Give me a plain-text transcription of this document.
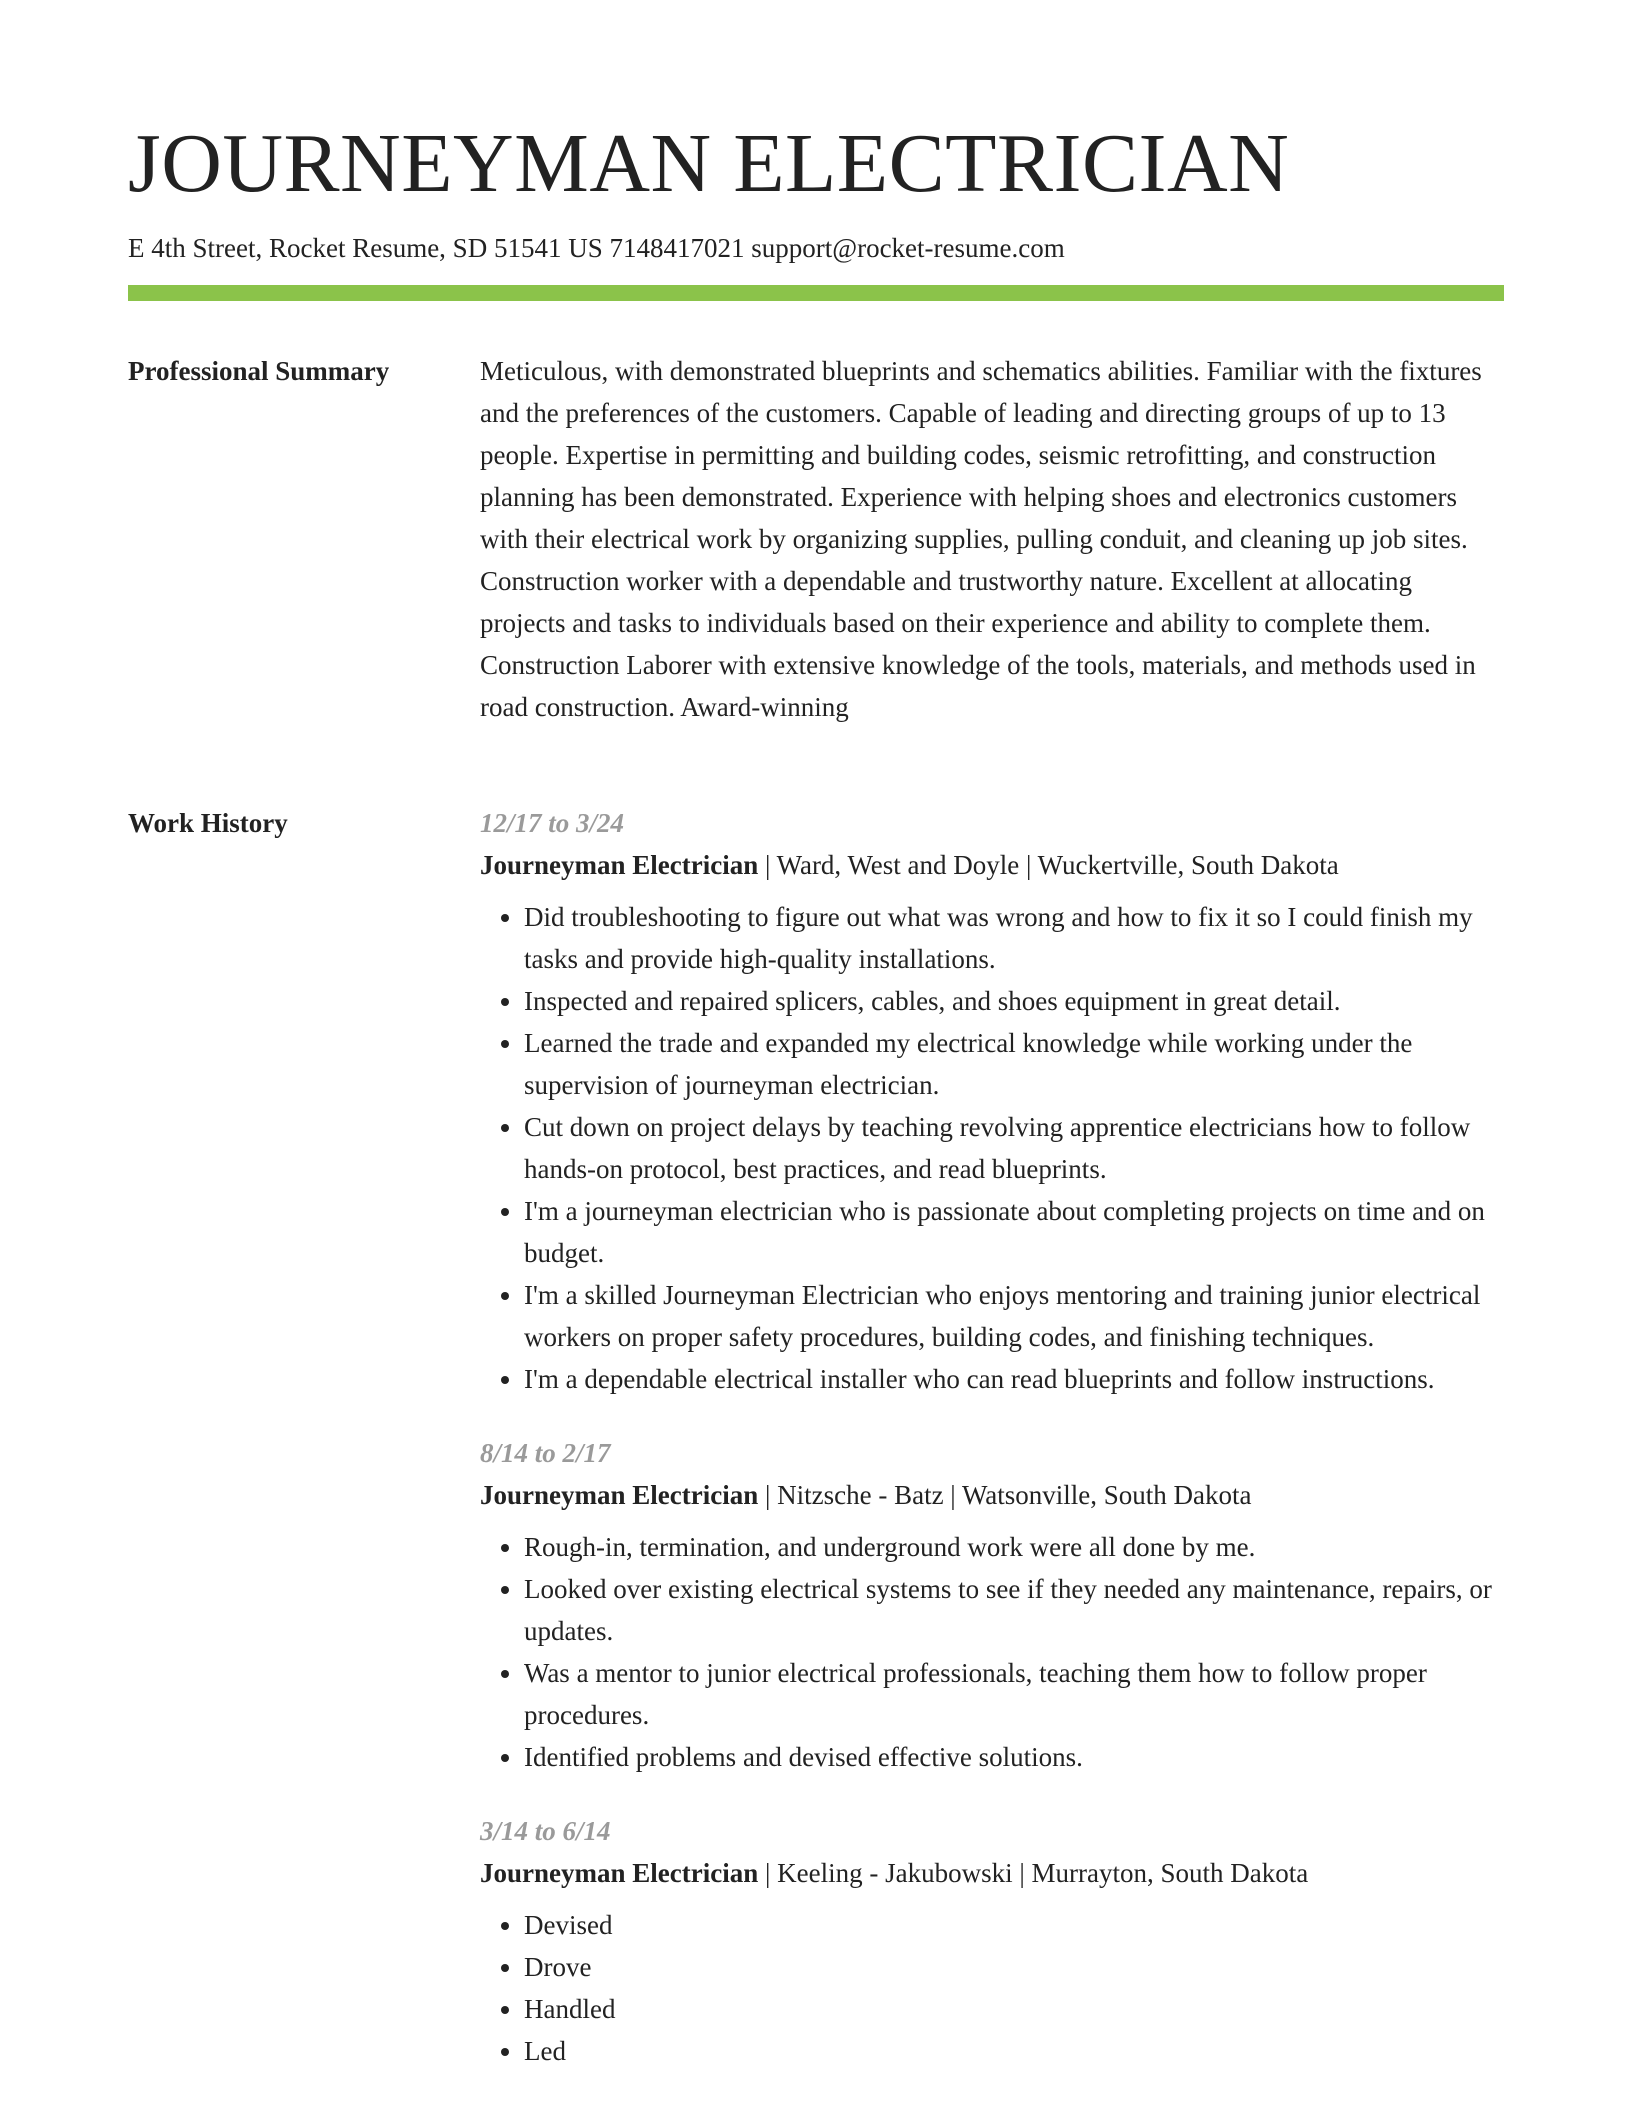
JOURNEYMAN ELECTRICIAN

E 4th Street, Rocket Resume, SD 51541 US 7148417021 support@rocket-resume.com

Professional Summary	Meticulous, with demonstrated blueprints and schematics abilities. Familiar with the fixtures and the preferences of the customers. Capable of leading and directing groups of up to 13 people. Expertise in permitting and building codes, seismic retrofitting, and construction planning has been demonstrated. Experience with helping shoes and electronics customers with their electrical work by organizing supplies, pulling conduit, and cleaning up job sites. Construction worker with a dependable and trustworthy nature. Excellent at allocating projects and tasks to individuals based on their experience and ability to complete them. Construction Laborer with extensive knowledge of the tools, materials, and methods used in road construction. Award-winning

Work History	12/17 to 3/24
Journeyman Electrician | Ward, West and Doyle | Wuckertville, South Dakota
• Did troubleshooting to figure out what was wrong and how to fix it so I could finish my tasks and provide high-quality installations.
• Inspected and repaired splicers, cables, and shoes equipment in great detail.
• Learned the trade and expanded my electrical knowledge while working under the supervision of journeyman electrician.
• Cut down on project delays by teaching revolving apprentice electricians how to follow hands-on protocol, best practices, and read blueprints.
• I'm a journeyman electrician who is passionate about completing projects on time and on budget.
• I'm a skilled Journeyman Electrician who enjoys mentoring and training junior electrical workers on proper safety procedures, building codes, and finishing techniques.
• I'm a dependable electrical installer who can read blueprints and follow instructions.
8/14 to 2/17
Journeyman Electrician | Nitzsche - Batz | Watsonville, South Dakota
• Rough-in, termination, and underground work were all done by me.
• Looked over existing electrical systems to see if they needed any maintenance, repairs, or updates.
• Was a mentor to junior electrical professionals, teaching them how to follow proper procedures.
• Identified problems and devised effective solutions.
3/14 to 6/14
Journeyman Electrician | Keeling - Jakubowski | Murrayton, South Dakota
• Devised
• Drove
• Handled
• Led
